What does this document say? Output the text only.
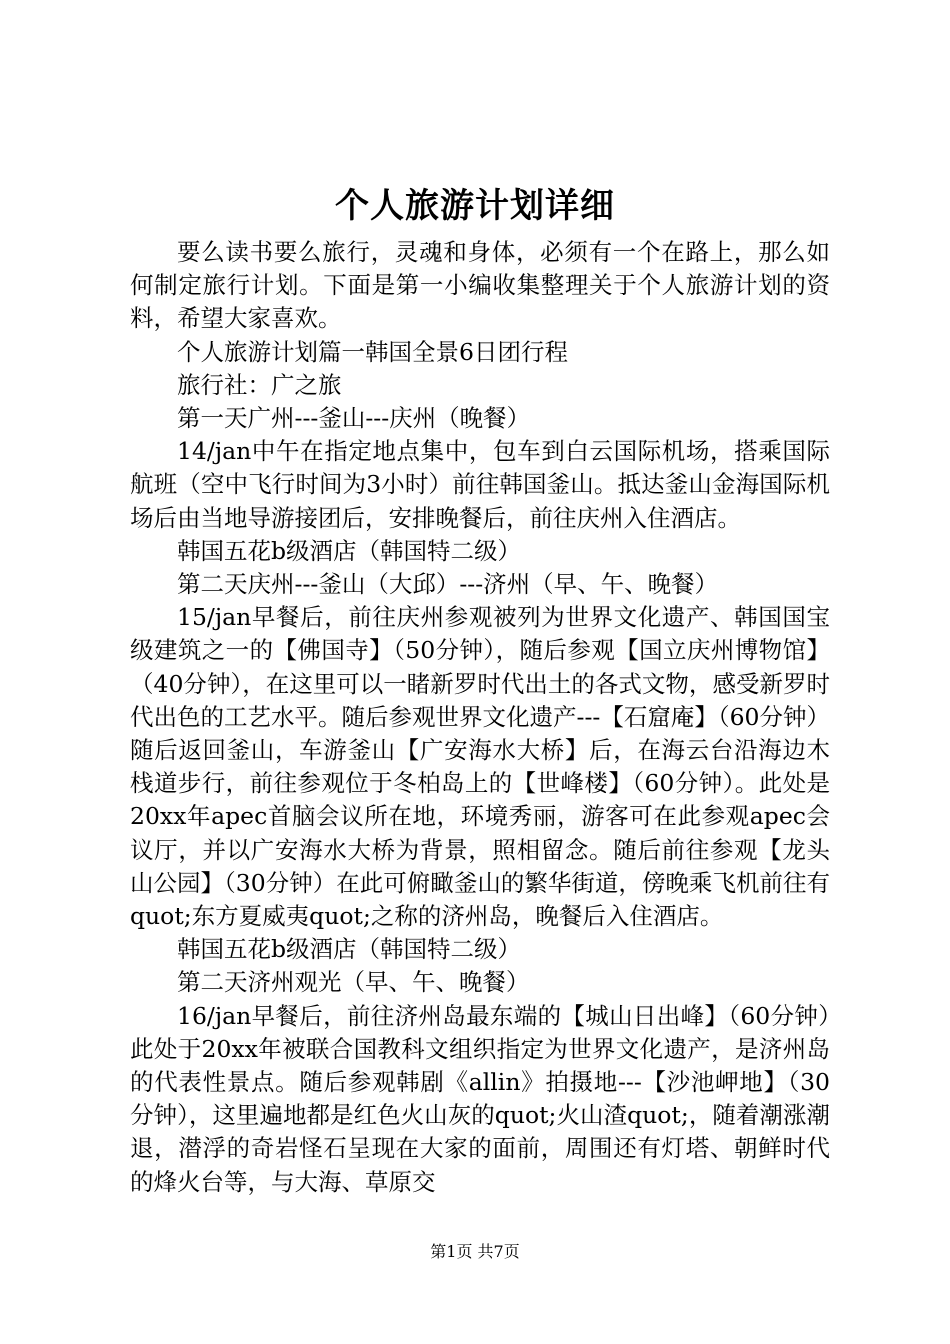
个人旅游计划详细

要么读书要么旅行，灵魂和身体，必须有一个在路上，那么如何制定旅行计划。下面是第一小编收集整理关于个人旅游计划的资料，希望大家喜欢。

个人旅游计划篇一韩国全景6日团行程

旅行社：广之旅

第一天广州---釜山---庆州（晚餐）

14/jan中午在指定地点集中，包车到白云国际机场，搭乘国际航班（空中飞行时间为3小时）前往韩国釜山。抵达釜山金海国际机场后由当地导游接团后，安排晚餐后，前往庆州入住酒店。

韩国五花b级酒店（韩国特二级）

第二天庆州---釜山（大邱）---济州（早、午、晚餐）

15/jan早餐后，前往庆州参观被列为世界文化遗产、韩国国宝级建筑之一的【佛国寺】（50分钟），随后参观【国立庆州博物馆】（40分钟），在这里可以一睹新罗时代出土的各式文物，感受新罗时代出色的工艺水平。随后参观世界文化遗产---【石窟庵】（60分钟）随后返回釜山，车游釜山【广安海水大桥】后，在海云台沿海边木栈道步行，前往参观位于冬柏岛上的【世峰楼】（60分钟）。此处是20xx年apec首脑会议所在地，环境秀丽，游客可在此参观apec会议厅，并以广安海水大桥为背景，照相留念。随后前往参观【龙头山公园】（30分钟）在此可俯瞰釜山的繁华街道，傍晚乘飞机前往有quot;东方夏威夷quot;之称的济州岛，晚餐后入住酒店。

韩国五花b级酒店（韩国特二级）

第二天济州观光（早、午、晚餐）

16/jan早餐后，前往济州岛最东端的【城山日出峰】（60分钟）此处于20xx年被联合国教科文组织指定为世界文化遗产，是济州岛的代表性景点。随后参观韩剧《allin》拍摄地---【沙池岬地】（30分钟），这里遍地都是红色火山灰的quot;火山渣quot;，随着潮涨潮退，潜浮的奇岩怪石呈现在大家的面前，周围还有灯塔、朝鲜时代的烽火台等，与大海、草原交

第1页 共7页
